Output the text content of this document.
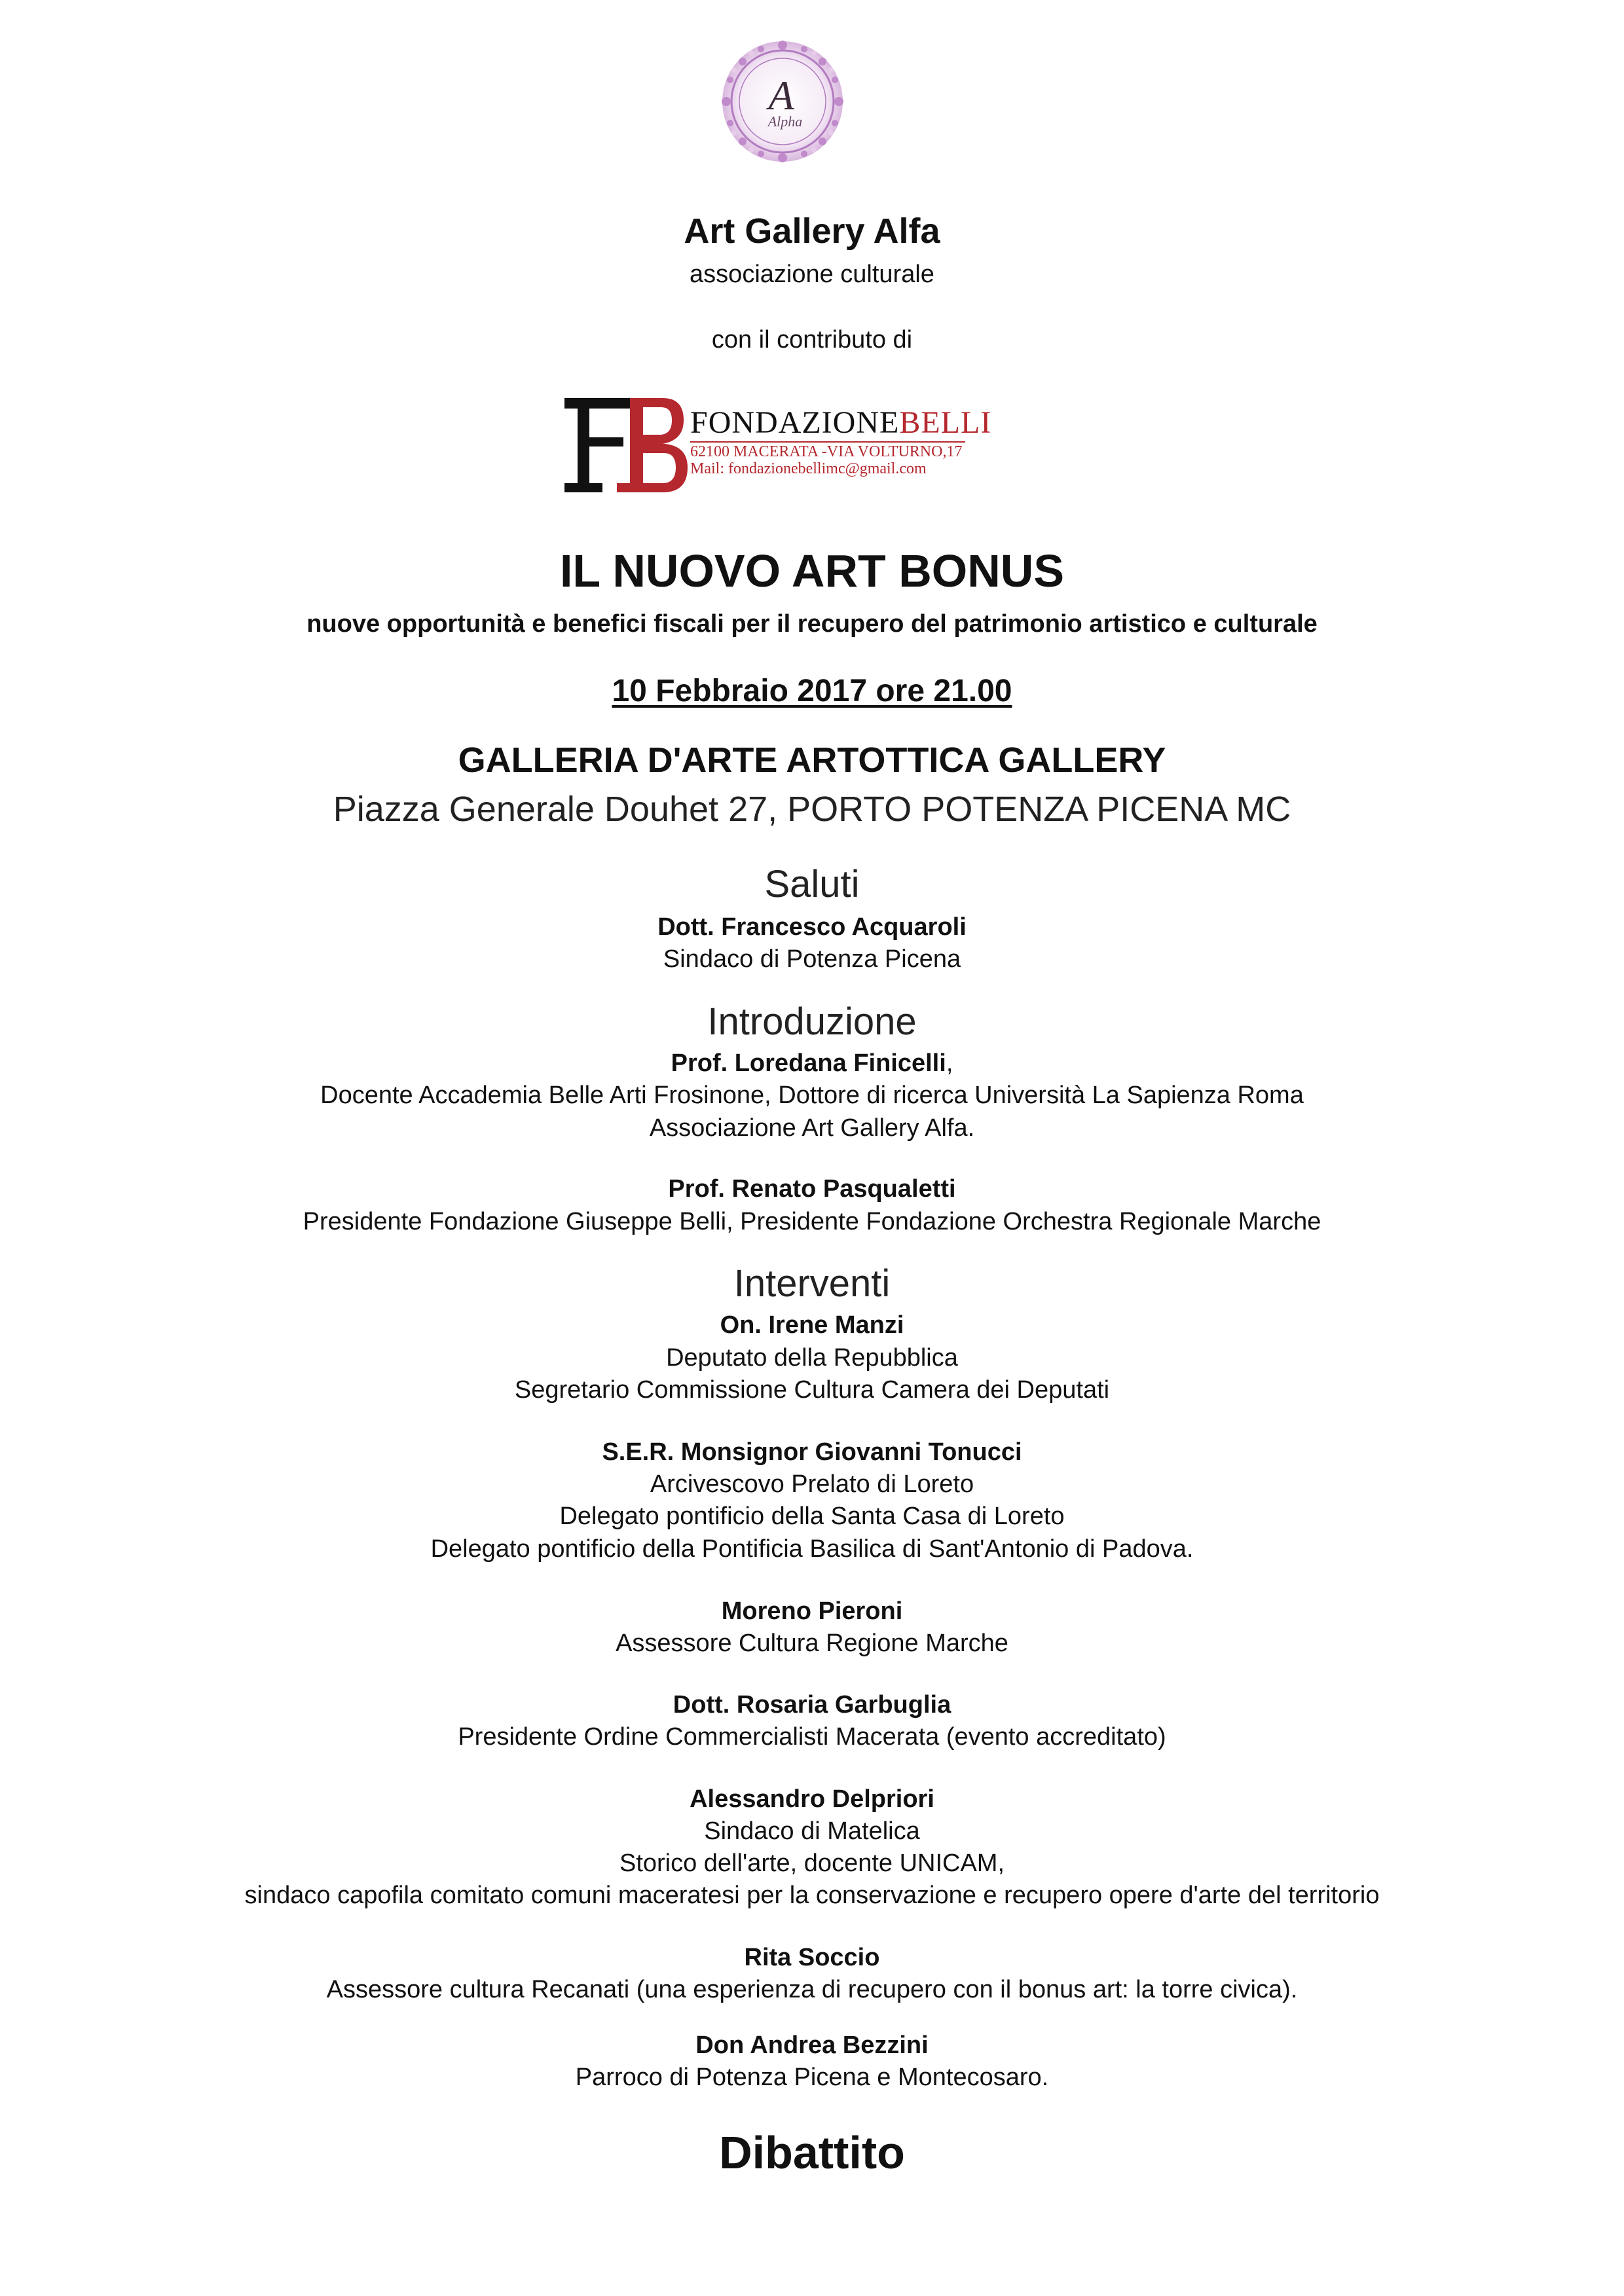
A
Alpha
Art Gallery Alfa
associazione culturale
con il contributo di
FONDAZIONEBELLI
62100 MACERATA -VIA VOLTURNO,17
Mail: fondazionebellimc@gmail.com
IL NUOVO ART BONUS
nuove opportunità e benefici fiscali per il recupero del patrimonio artistico e culturale
10 Febbraio 2017 ore 21.00
GALLERIA D'ARTE ARTOTTICA GALLERY
Piazza Generale Douhet 27, PORTO POTENZA PICENA MC
Saluti
Dott. Francesco Acquaroli
Sindaco di Potenza Picena
Introduzione
Prof. Loredana Finicelli,
Docente Accademia Belle Arti Frosinone, Dottore di ricerca Università La Sapienza Roma
Associazione Art Gallery Alfa.
Prof. Renato Pasqualetti
Presidente Fondazione Giuseppe Belli, Presidente Fondazione Orchestra Regionale Marche
Interventi
On. Irene Manzi
Deputato della Repubblica
Segretario Commissione Cultura Camera dei Deputati
S.E.R. Monsignor Giovanni Tonucci
Arcivescovo Prelato di Loreto
Delegato pontificio della Santa Casa di Loreto
Delegato pontificio della Pontificia Basilica di Sant'Antonio di Padova.
Moreno Pieroni
Assessore Cultura Regione Marche
Dott. Rosaria Garbuglia
Presidente Ordine Commercialisti Macerata (evento accreditato)
Alessandro Delpriori
Sindaco di Matelica
Storico dell'arte, docente UNICAM,
sindaco capofila comitato comuni maceratesi per la conservazione e recupero opere d'arte del territorio
Rita Soccio
Assessore cultura Recanati (una esperienza di recupero con il bonus art: la torre civica).
Don Andrea Bezzini
Parroco di Potenza Picena e Montecosaro.
Dibattito
